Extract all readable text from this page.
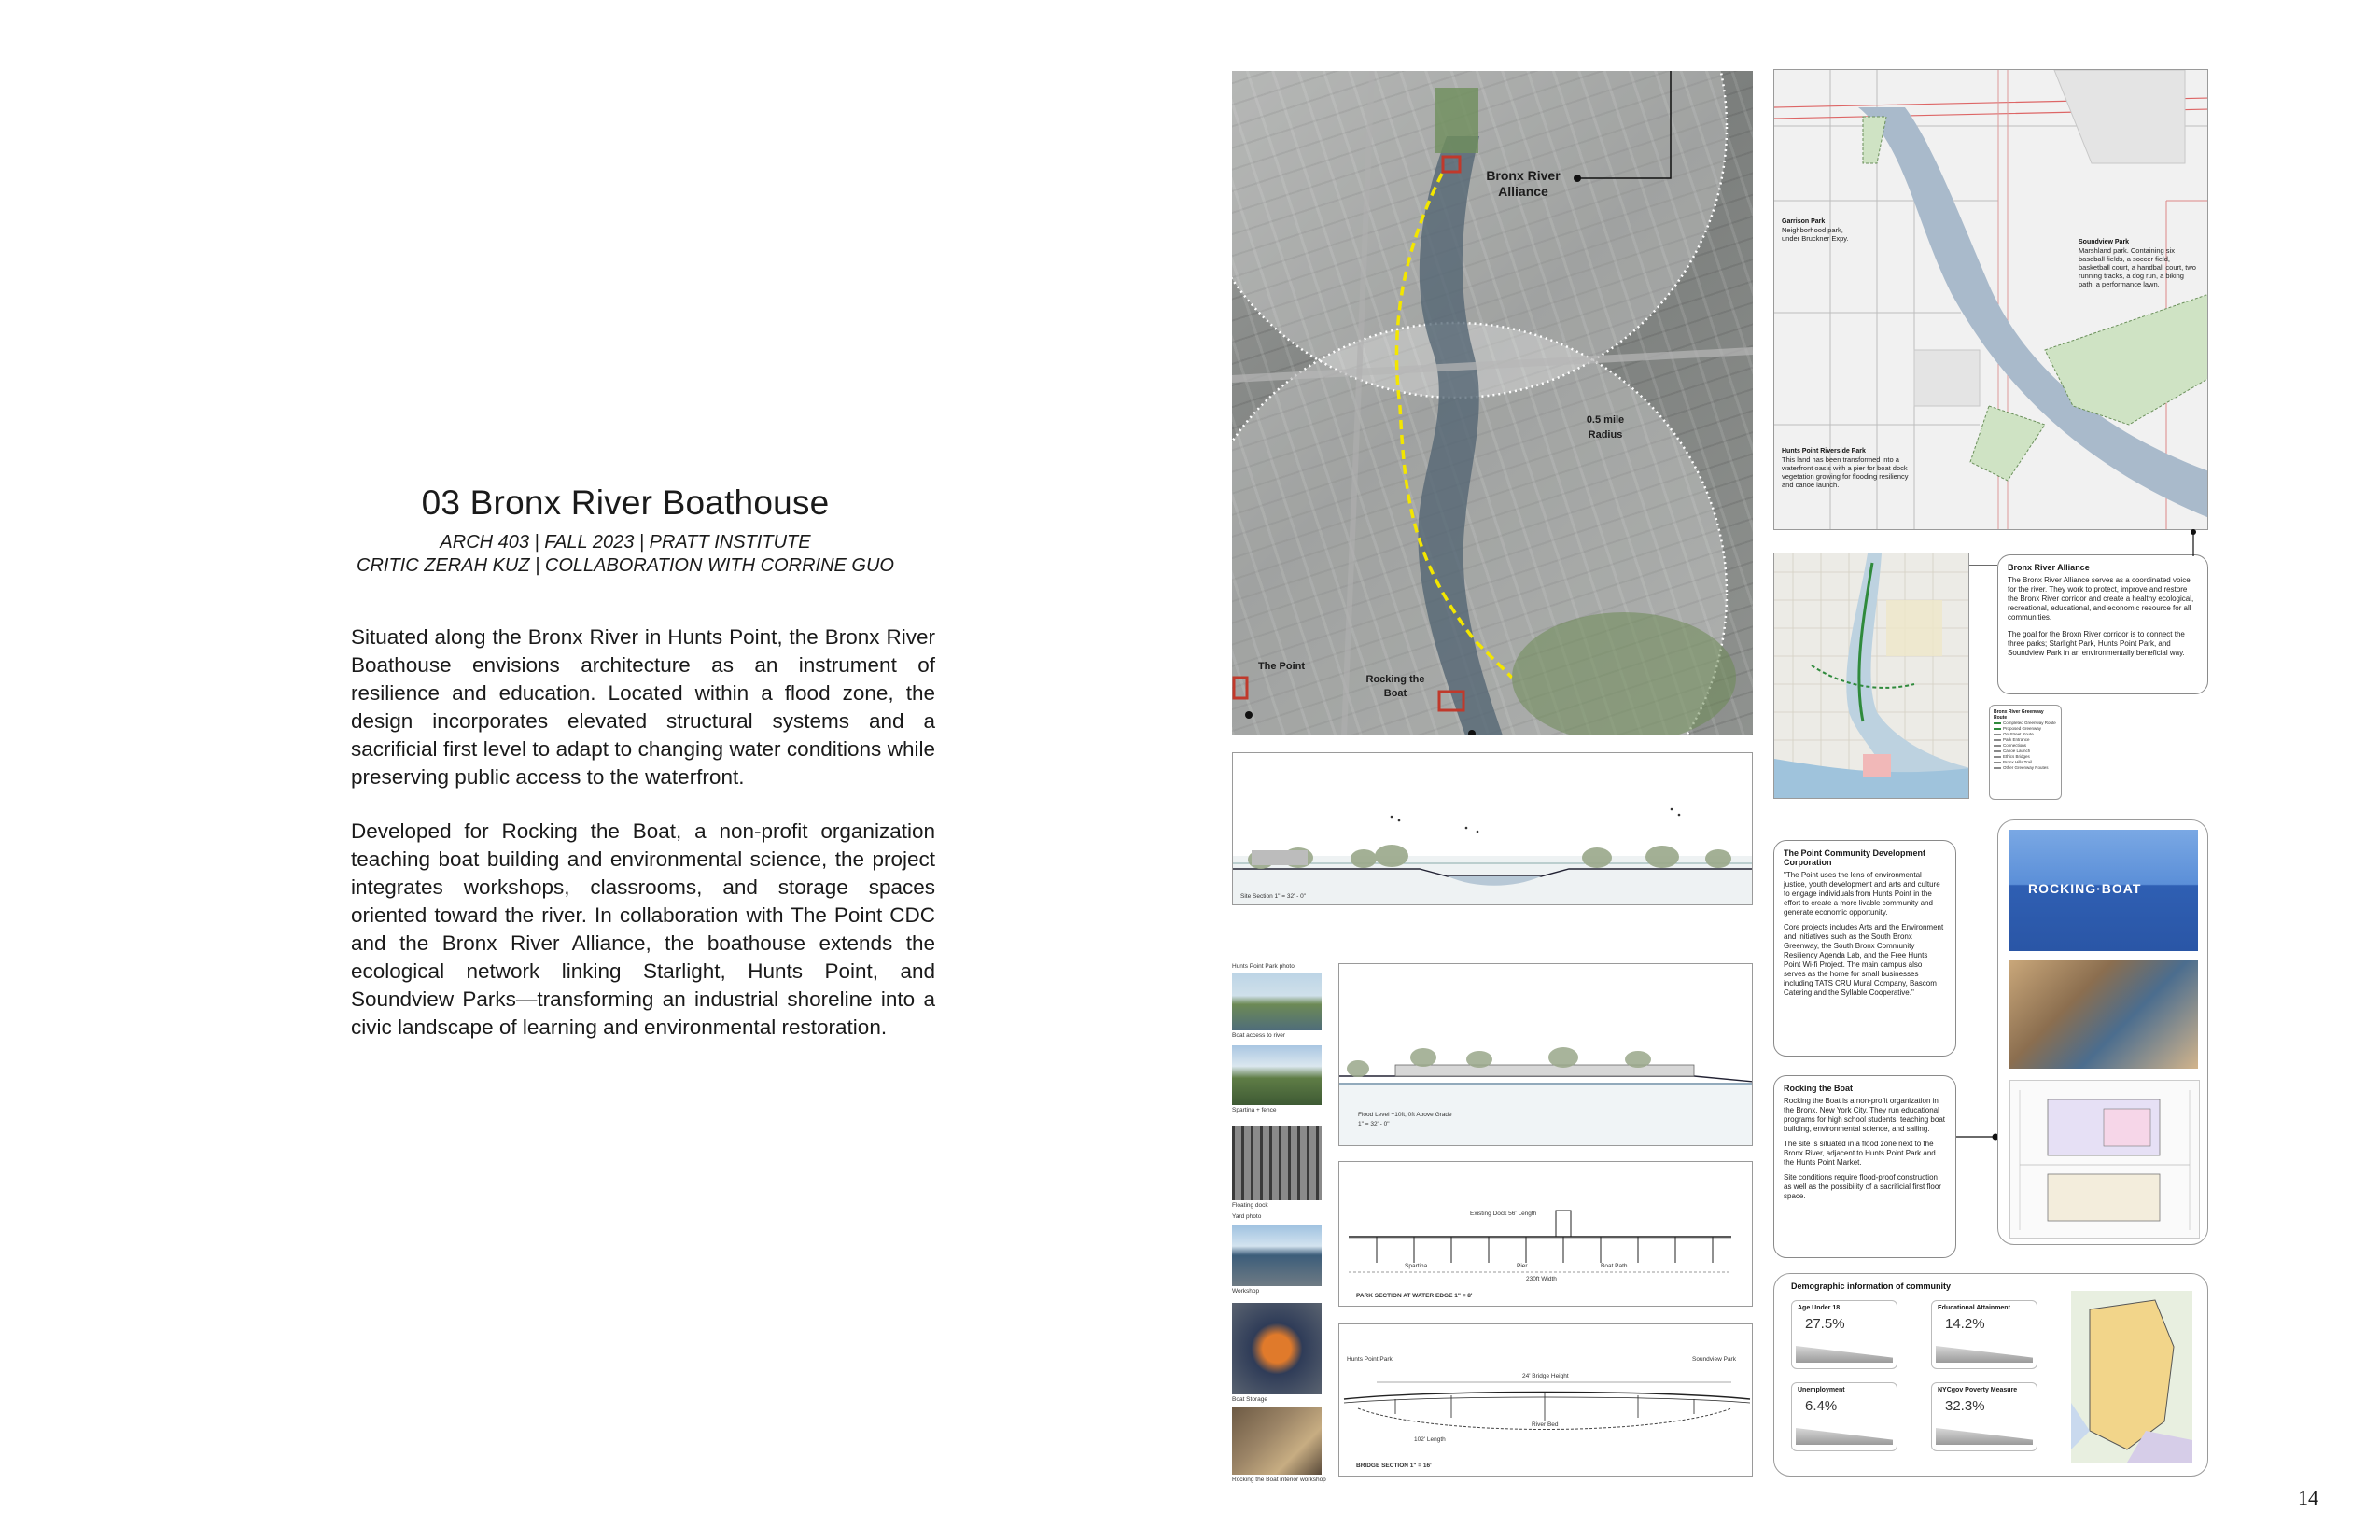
03 Bronx River Boathouse
ARCH 403 | FALL 2023 | PRATT INSTITUTE
CRITIC ZERAH KUZ | COLLABORATION WITH CORRINE GUO

Situated along the Bronx River in Hunts Point, the Bronx River Boathouse envisions architecture as an instrument of resilience and education. Located within a flood zone, the design incorporates elevated structural systems and a sacrificial first level to adapt to changing water conditions while preserving public access to the waterfront.

Developed for Rocking the Boat, a non-profit organization teaching boat building and environmental science, the project integrates workshops, classrooms, and storage spaces oriented toward the river. In collaboration with The Point CDC and the Bronx River Alliance, the boathouse extends the ecological network linking Starlight, Hunts Point, and Soundview Parks—transforming an industrial shoreline into a civic landscape of learning and environmental restoration.

14
Bronx River
Alliance
0.5 mile
Radius
The Point
Rocking the
Boat
Garrison Park
Neighborhood park, under Bruckner Expy.	Soundview Park
Marshland park. Containing six baseball fields, a soccer field, basketball court, a handball court, two running tracks, a dog run, a biking path, a performance lawn.
Hunts Point Riverside Park
This land has been transformed into a waterfront oasis with a pier for boat dock vegetation growing for flooding resiliency and canoe launch.
Bronx River Greenway Route
Completed Greenway Route
Proposed Greenway
On-Street Route
Park Entrance
Connections
Canoe Launch
Ethics Bridges
Bronx Hills Trail
Other Greenway Routes
Bronx River Alliance
The Bronx River Alliance serves as a coordinated voice for the river. They work to protect, improve and restore the Bronx River corridor and create a healthy ecological, recreational, educational, and economic resource for all communities.
The goal for the Broxn River corridor is to connect the three parks; Starlight Park, Hunts Point Park, and Soundview Park in an environmentally beneficial way.
Site Section 1" = 32' - 0"
Hunts Point Park photo
Boat access to river
Spartina + fence
Floating dock
Yard photo
Workshop
Boat Storage
Rocking the Boat interior workshop
Flood Level +10ft, 0ft Above Grade
1" = 32' - 0"
Existing Dock 56' Length
Spartina	Pier	Boat Path
230ft Width
PARK SECTION AT WATER EDGE 1" = 8'
Hunts Point Park	Soundview Park
24' Bridge Height
102' Length
River Bed
BRIDGE SECTION 1" = 16'
The Point Community Development Corporation
"The Point uses the lens of environmental justice, youth development and arts and culture to engage individuals from Hunts Point in the effort to create a more livable community and generate economic opportunity.
Core projects includes Arts and the Environment and initiatives such as the South Bronx Greenway, the South Bronx Community Resiliency Agenda Lab, and the Free Hunts Point Wi-fi Project. The main campus also serves as the home for small businesses including TATS CRU Mural Company, Bascom Catering and the Syllable Cooperative."
Rocking the Boat
Rocking the Boat is a non-profit organization in the Bronx, New York City. They run educational programs for high school students, teaching boat building, environmental science, and sailing.
The site is situated in a flood zone next to the Bronx River, adjacent to Hunts Point Park and the Hunts Point Market.
Site conditions require flood-proof construction as well as the possibility of a sacrificial first floor space.
ROCKING·BOAT
Demographic information of community
Age Under 18
27.5%
Educational Attainment
14.2%
Unemployment
6.4%
NYCgov Poverty Measure
32.3%
